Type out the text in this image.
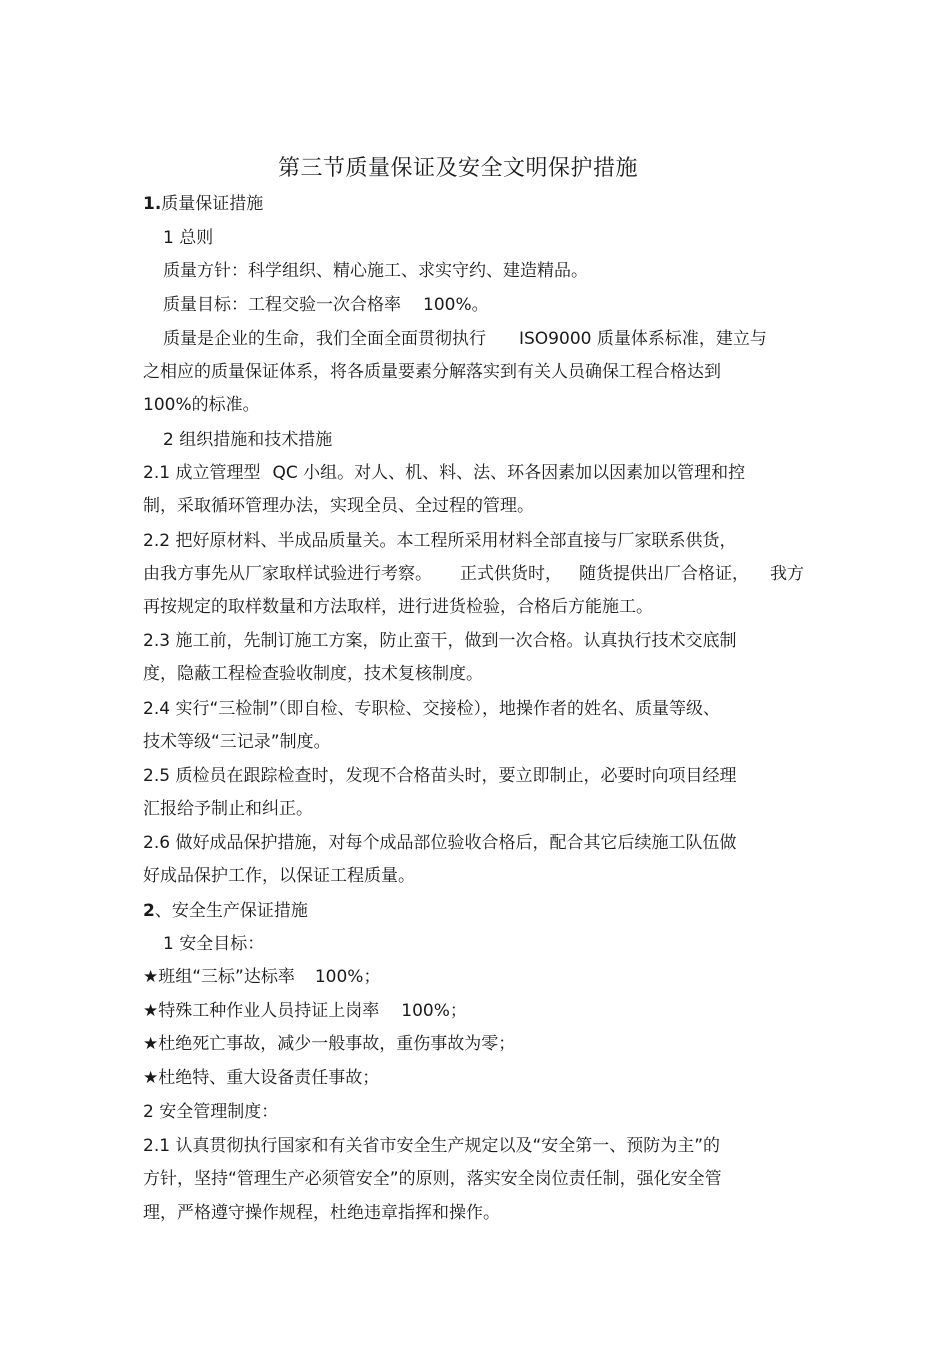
第三节质量保证及安全文明保护措施
1.质量保证措施
1 总则
质量方针：科学组织、精心施工、求实守约、建造精品。
质量目标：工程交验一次合格率 100%。
质量是企业的生命，我们全面全面贯彻执行 ISO9000 质量体系标准，建立与
之相应的质量保证体系，将各质量要素分解落实到有关人员确保工程合格达到
100%的标准。
2 组织措施和技术措施
2.1 成立管理型 QC 小组。对人、机、料、法、环各因素加以因素加以管理和控
制，采取循环管理办法，实现全员、全过程的管理。
2.2 把好原材料、半成品质量关。本工程所采用材料全部直接与厂家联系供货，
由我方事先从厂家取样试验进行考察。 正式供货时， 随货提供出厂合格证， 我方
再按规定的取样数量和方法取样，进行进货检验，合格后方能施工。
2.3 施工前，先制订施工方案，防止蛮干，做到一次合格。认真执行技术交底制
度，隐蔽工程检查验收制度，技术复核制度。
2.4 实行“三检制”（即自检、专职检、交接检），地操作者的姓名、质量等级、
技术等级“三记录”制度。
2.5 质检员在跟踪检查时，发现不合格苗头时，要立即制止，必要时向项目经理
汇报给予制止和纠正。
2.6 做好成品保护措施，对每个成品部位验收合格后，配合其它后续施工队伍做
好成品保护工作，以保证工程质量。
2、安全生产保证措施
1 安全目标：
★班组“三标”达标率 100%；
★特殊工种作业人员持证上岗率 100%；
★杜绝死亡事故，减少一般事故，重伤事故为零；
★杜绝特、重大设备责任事故；
2 安全管理制度：
2.1 认真贯彻执行国家和有关省市安全生产规定以及“安全第一、预防为主”的
方针，坚持“管理生产必须管安全”的原则，落实安全岗位责任制，强化安全管
理，严格遵守操作规程，杜绝违章指挥和操作。
